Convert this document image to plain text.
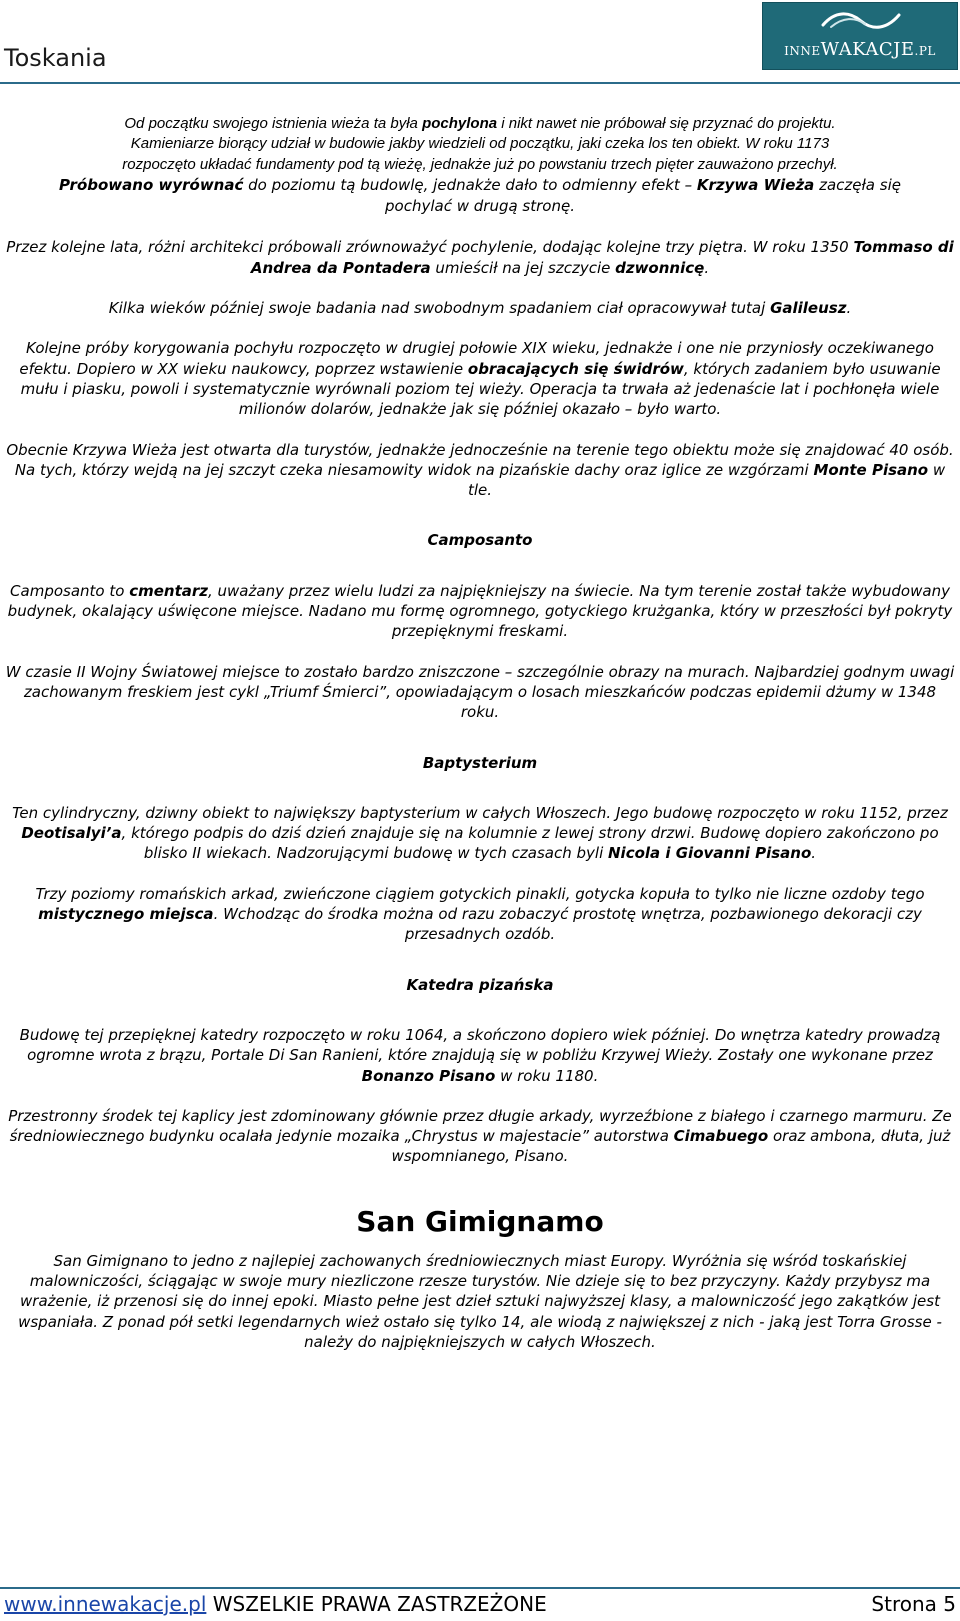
Toskania	INNEWAKACJE.PL

Od początku swojego istnienia wieża ta była pochylona i nikt nawet nie próbował się przyznać do projektu.
Kamieniarze biorący udział w budowie jakby wiedzieli od początku, jaki czeka los ten obiekt. W roku 1173
rozpoczęto układać fundamenty pod tą wieżę, jednakże już po powstaniu trzech pięter zauważono przechył.
Próbowano wyrównać do poziomu tą budowlę, jednakże dało to odmienny efekt – Krzywa Wieża zaczęła się
pochylać w drugą stronę.

Przez kolejne lata, różni architekci próbowali zrównoważyć pochylenie, dodając kolejne trzy piętra. W roku 1350 Tommaso di Andrea da Pontadera umieścił na jej szczycie dzwonnicę.

Kilka wieków później swoje badania nad swobodnym spadaniem ciał opracowywał tutaj Galileusz.

Kolejne próby korygowania pochyłu rozpoczęto w drugiej połowie XIX wieku, jednakże i one nie przyniosły oczekiwanego efektu. Dopiero w XX wieku naukowcy, poprzez wstawienie obracających się świdrów, których zadaniem było usuwanie mułu i piasku, powoli i systematycznie wyrównali poziom tej wieży. Operacja ta trwała aż jedenaście lat i pochłonęła wiele milionów dolarów, jednakże jak się później okazało – było warto.

Obecnie Krzywa Wieża jest otwarta dla turystów, jednakże jednocześnie na terenie tego obiektu może się znajdować 40 osób. Na tych, którzy wejdą na jej szczyt czeka niesamowity widok na pizańskie dachy oraz iglice ze wzgórzami Monte Pisano w tle.

Camposanto

Camposanto to cmentarz, uważany przez wielu ludzi za najpiękniejszy na świecie. Na tym terenie został także wybudowany budynek, okalający uświęcone miejsce. Nadano mu formę ogromnego, gotyckiego krużganka, który w przeszłości był pokryty przepięknymi freskami.

W czasie II Wojny Światowej miejsce to zostało bardzo zniszczone – szczególnie obrazy na murach. Najbardziej godnym uwagi zachowanym freskiem jest cykl „Triumf Śmierci”, opowiadającym o losach mieszkańców podczas epidemii dżumy w 1348 roku.

Baptysterium

Ten cylindryczny, dziwny obiekt to największy baptysterium w całych Włoszech. Jego budowę rozpoczęto w roku 1152, przez Deotisalyi’a, którego podpis do dziś dzień znajduje się na kolumnie z lewej strony drzwi. Budowę dopiero zakończono po blisko II wiekach. Nadzorującymi budowę w tych czasach byli Nicola i Giovanni Pisano.

Trzy poziomy romańskich arkad, zwieńczone ciągiem gotyckich pinakli, gotycka kopuła to tylko nie liczne ozdoby tego mistycznego miejsca. Wchodząc do środka można od razu zobaczyć prostotę wnętrza, pozbawionego dekoracji czy przesadnych ozdób.

Katedra pizańska

Budowę tej przepięknej katedry rozpoczęto w roku 1064, a skończono dopiero wiek później. Do wnętrza katedry prowadzą ogromne wrota z brązu, Portale Di San Ranieni, które znajdują się w pobliżu Krzywej Wieży. Zostały one wykonane przez Bonanzo Pisano w roku 1180.

Przestronny środek tej kaplicy jest zdominowany głównie przez długie arkady, wyrzeźbione z białego i czarnego marmuru. Ze średniowiecznego budynku ocalała jedynie mozaika „Chrystus w majestacie” autorstwa Cimabuego oraz ambona, dłuta, już wspomnianego, Pisano.

San Gimignamo

San Gimignano to jedno z najlepiej zachowanych średniowiecznych miast Europy. Wyróżnia się wśród toskańskiej malowniczości, ściągając w swoje mury niezliczone rzesze turystów. Nie dzieje się to bez przyczyny. Każdy przybysz ma wrażenie, iż przenosi się do innej epoki. Miasto pełne jest dzieł sztuki najwyższej klasy, a malowniczość jego zakątków jest wspaniała. Z ponad pół setki legendarnych wież ostało się tylko 14, ale wiodą z największej z nich - jaką jest Torra Grosse - należy do najpiękniejszych w całych Włoszech.

www.innewakacje.pl WSZELKIE PRAWA ZASTRZEŻONE	Strona 5
